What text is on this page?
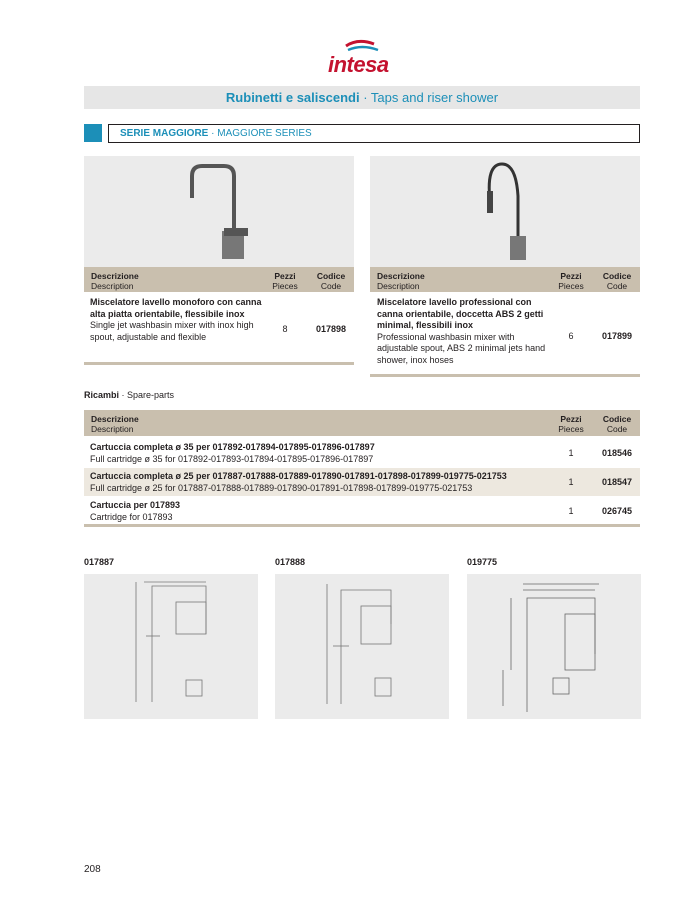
intesa
Rubinetti e saliscendi · Taps and riser shower
SERIE MAGGIORE · MAGGIORE SERIES
Descrizione
Description
Pezzi
Pieces
Codice
Code
Miscelatore lavello monoforo con canna alta piatta orientabile, flessibile inox
Single jet washbasin mixer with inox high spout, adjustable and flexible
8	017898
Descrizione
Description
Pezzi
Pieces
Codice
Code
Miscelatore lavello professional con canna orientabile, doccetta ABS 2 getti minimal, flessibili inox
Professional washbasin mixer with adjustable spout, ABS 2 minimal jets hand shower, inox hoses
6	017899
Ricambi · Spare-parts
Descrizione
Description
Pezzi
Pieces
Codice
Code
Cartuccia completa ø 35 per 017892-017894-017895-017896-017897
Full cartridge ø 35 for 017892-017893-017894-017895-017896-017897
1	018546
Cartuccia completa ø 25 per 017887-017888-017889-017890-017891-017898-017899-019775-021753
Full cartridge ø 25 for 017887-017888-017889-017890-017891-017898-017899-019775-021753
1	018547
Cartuccia per 017893
Cartridge for 017893
1	026745
017887	017888	019775
208
